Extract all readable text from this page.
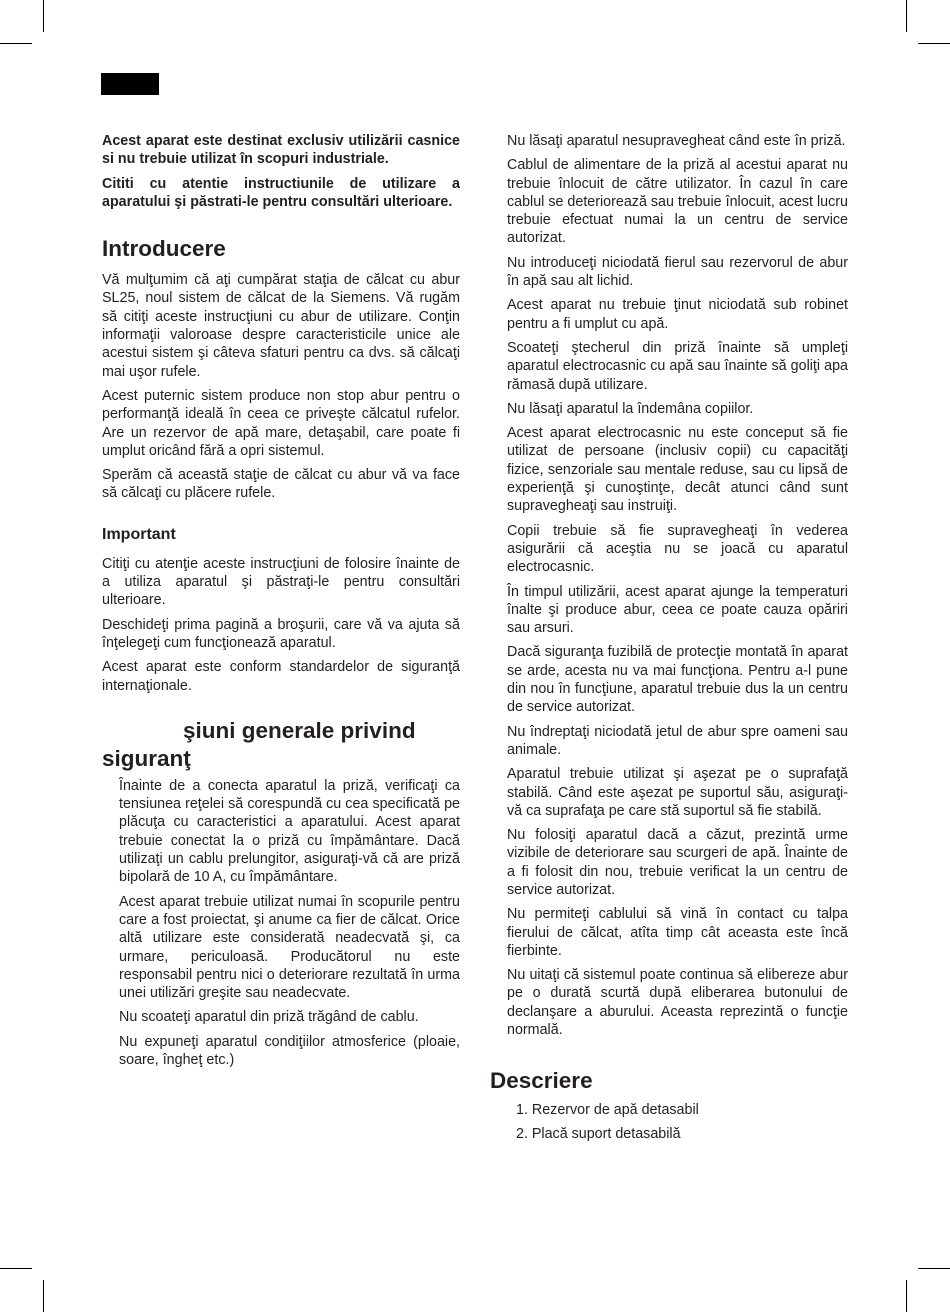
Acest aparat este destinat exclusiv utilizării casnice si nu trebuie utilizat în scopuri industriale.

Cititi cu atentie instructiunile de utilizare a aparatului şi păstrati-le pentru consultări ulterioare.

Introducere

Vă mulţumim că aţi cumpărat staţia de călcat cu abur SL25, noul sistem de călcat de la Siemens. Vă rugăm să citiţi aceste instrucţiuni cu abur de utilizare. Conţin informaţii valoroase despre caracteristicile unice ale acestui sistem şi câteva sfaturi pentru ca dvs. să călcaţi mai uşor rufele.

Acest puternic sistem produce non stop abur pentru o performanţă ideală în ceea ce priveşte călcatul rufelor. Are un rezervor de apă mare, detaşabil, care poate fi umplut oricând fără a opri sistemul.

Sperăm că această staţie de călcat cu abur vă va face să călcaţi cu plăcere rufele.

Important

Citiţi cu atenţie aceste instrucţiuni de folosire înainte de a utiliza aparatul şi păstraţi-le pentru consultări ulterioare.

Deschideţi prima pagină a broşurii, care vă va ajuta să înţelegeţi cum funcţionează aparatul.

Acest aparat este conform standardelor de siguranţă internaţionale.

şiuni generale privind
siguranţ

Înainte de a conecta aparatul la priză, verificaţi ca tensiunea reţelei să corespundă cu cea specificată pe plăcuţa cu caracteristici a aparatului. Acest aparat trebuie conectat la o priză cu împământare. Dacă utilizaţi un cablu prelungitor, asiguraţi-vă că are priză bipolară de 10 A, cu împământare.

Acest aparat trebuie utilizat numai în scopurile pentru care a fost proiectat, şi anume ca fier de călcat. Orice altă utilizare este considerată neadecvată şi, ca urmare, periculoasă. Producătorul nu este responsabil pentru nici o deteriorare rezultată în urma unei utilizări greşite sau neadecvate.

Nu scoateţi aparatul din priză trăgând de cablu.

Nu expuneţi aparatul condiţiilor atmosferice (ploaie, soare, îngheţ etc.)

Nu lăsaţi aparatul nesupravegheat când este în priză.

Cablul de alimentare de la priză al acestui aparat nu trebuie înlocuit de către utilizator. În cazul în care cablul se deteriorează sau trebuie înlocuit, acest lucru trebuie efectuat numai la un centru de service autorizat.

Nu introduceţi niciodată fierul sau rezervorul de abur în apă sau alt lichid.

Acest aparat nu trebuie ţinut niciodată sub robinet pentru a fi umplut cu apă.

Scoateţi ştecherul din priză înainte să umpleţi aparatul electrocasnic cu apă sau înainte să goliţi apa rămasă după utilizare.

Nu lăsaţi aparatul la îndemâna copiilor.

Acest aparat electrocasnic nu este conceput să fie utilizat de persoane (inclusiv copii) cu capacităţi fizice, senzoriale sau mentale reduse, sau cu lipsă de experienţă şi cunoştinţe, decât atunci când sunt supravegheaţi sau instruiţi.

Copii trebuie să fie supravegheaţi în vederea asigurării că aceştia nu se joacă cu aparatul electrocasnic.

În timpul utilizării, acest aparat ajunge la temperaturi înalte şi produce abur, ceea ce poate cauza opăriri sau arsuri.

Dacă siguranţa fuzibilă de protecţie montată în aparat se arde, acesta nu va mai funcţiona. Pentru a-l pune din nou în funcţiune, aparatul trebuie dus la un centru de service autorizat.

Nu îndreptaţi niciodată jetul de abur spre oameni sau animale.

Aparatul trebuie utilizat şi aşezat pe o suprafaţă stabilă. Când este aşezat pe suportul său, asiguraţi-vă ca suprafaţa pe care stă suportul să fie stabilă.

Nu folosiţi aparatul dacă a căzut, prezintă urme vizibile de deteriorare sau scurgeri de apă. Înainte de a fi folosit din nou, trebuie verificat la un centru de service autorizat.

Nu permiteţi cablului să vină în contact cu talpa fierului de călcat, atîta timp cât aceasta este încă fierbinte.

Nu uitaţi că sistemul poate continua să elibereze abur pe o durată scurtă după eliberarea butonului de declanşare a aburului. Aceasta reprezintă o funcţie normală.

Descriere
1. Rezervor de apă detasabil
2. Placă suport detasabilă
